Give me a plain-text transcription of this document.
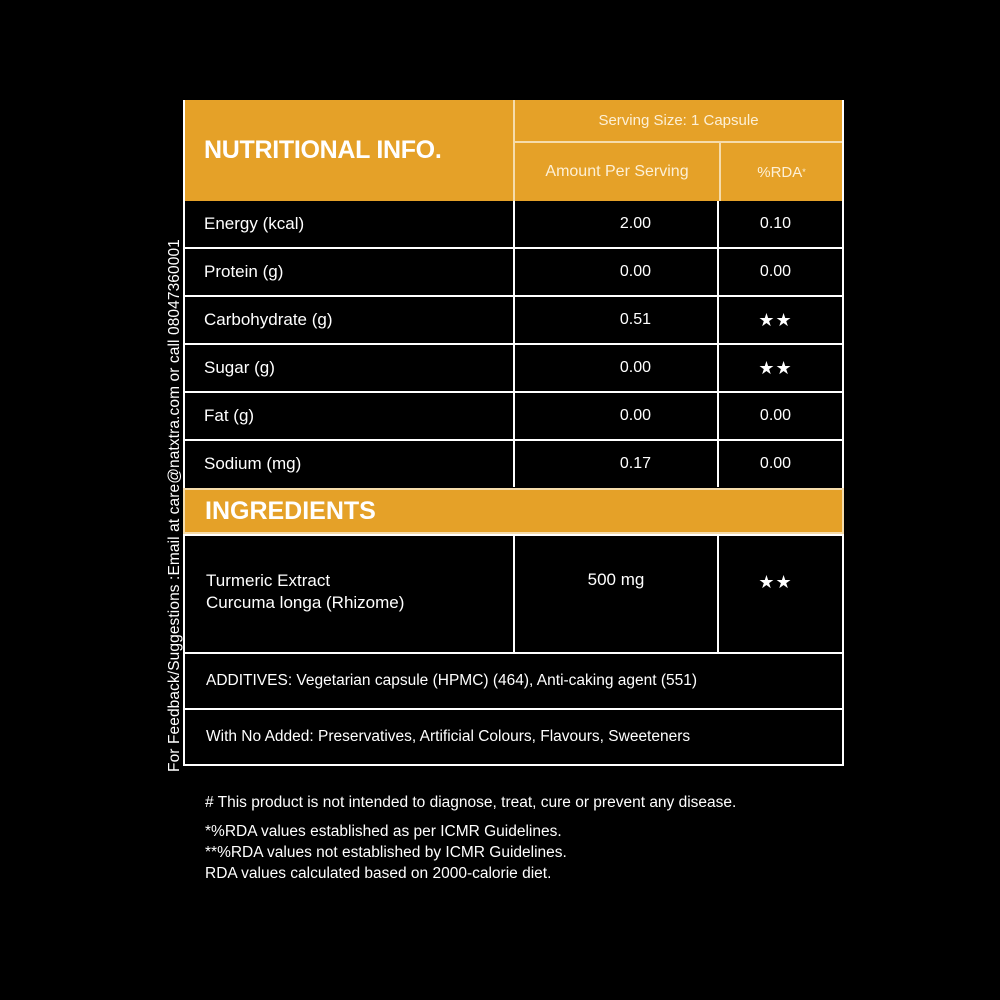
For Feedback/Suggestions :Email at care@natxtra.com or call 08047360001
NUTRITIONAL INFO.
Serving Size: 1 Capsule
Amount Per Serving	%RDA *
Energy (kcal)	2.00	0.10
Protein (g)	0.00	0.00
Carbohydrate (g)	0.51	★★
Sugar (g)	0.00	★★
Fat (g)	0.00	0.00
Sodium (mg)	0.17	0.00
INGREDIENTS
Turmeric Extract
Curcuma longa (Rhizome)
500 mg	★★
ADDITIVES: Vegetarian capsule (HPMC) (464), Anti-caking agent (551)
With No Added: Preservatives, Artificial Colours, Flavours, Sweeteners
# This product is not intended to diagnose, treat, cure or prevent any disease.
*%RDA values established as per ICMR Guidelines.
**%RDA values not established by ICMR Guidelines.
RDA values calculated based on 2000-calorie diet.
